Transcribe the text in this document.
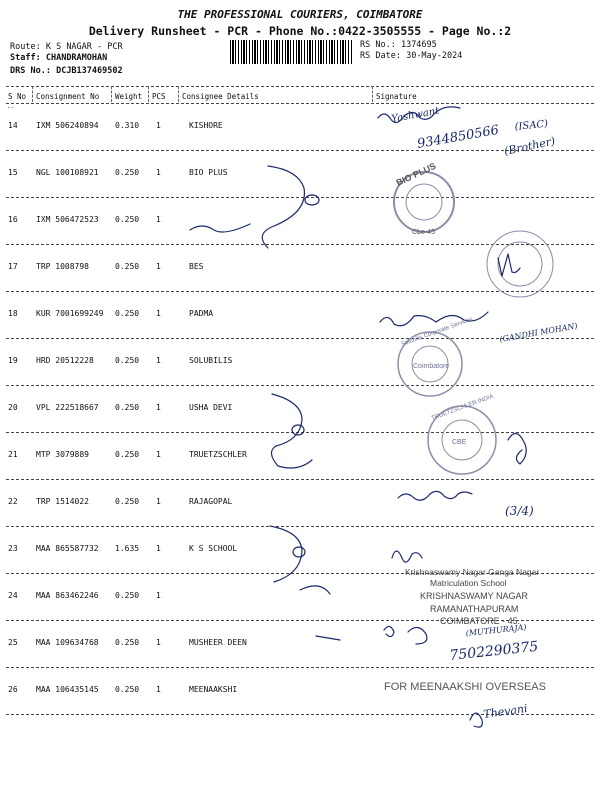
THE PROFESSIONAL COURIERS, COIMBATORE
Delivery Runsheet - PCR - Phone No.:0422-3505555 - Page No.:2
Route: K S NAGAR - PCR
Staff: CHANDRAMOHAN
DRS No.: DCJB137469502
RS No.: 1374695
RS Date: 30-May-2024
S No Consignment No Weight PCS Consignee Details	Signature
--
14 IXM 506240894 0.310 1	KISHORE
15 NGL 100108921 0.250 1	BIO PLUS
16 IXM 506472523 0.250 1
17 TRP 1008798	0.250 1	BES
18 KUR 7001699249 0.250 1	PADMA
19 HRD 20512228	0.250 1	SOLUBILIS
20 VPL 222518667 0.250 1	USHA DEVI
21 MTP 3079889	0.250 1	TRUETZSCHLER
22 TRP 1514022	0.250 1	RAJAGOPAL
23 MAA 865587732 1.635 1	K S SCHOOL
24 MAA 863462246 0.250 1
25 MAA 109634768 0.250 1	MUSHEER DEEN
26 MAA 106435145 0.250 1	MEENAAKSHI
Yashwant
9344850566 (ISAC)
(Brother)
BIO PLUS
Cbe-45
(GANDHI MOHAN)
Solubilis Corporate Services
Coimbatore
TRUETZSCHLER INDIA
CBE
(3/4)
Krishnaswamy Nagar Ganga Nagar
Matriculation School
KRISHNASWAMY NAGAR
RAMANATHAPURAM
COIMBATORE - 45.
(MUTHURAJA)
7502290375
FOR MEENAAKSHI OVERSEAS
Thevani
